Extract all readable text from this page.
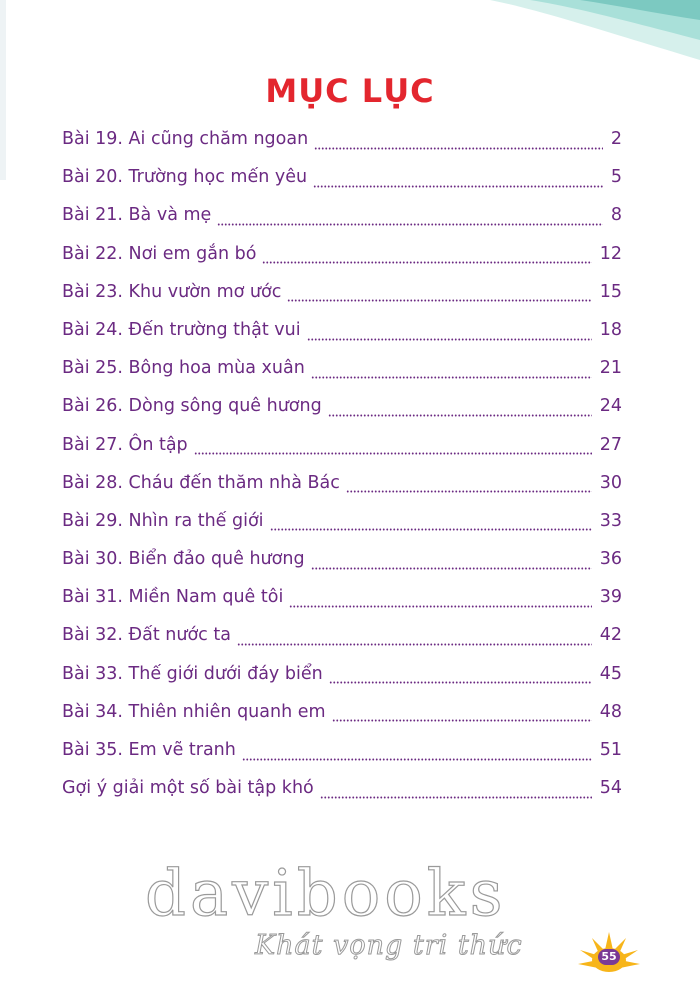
MỤC LỤC
Bài 19. Ai cũng chăm ngoan	2
Bài 20. Trường học mến yêu	5
Bài 21. Bà và mẹ	8
Bài 22. Nơi em gắn bó	12
Bài 23. Khu vườn mơ ước	15
Bài 24. Đến trường thật vui	18
Bài 25. Bông hoa mùa xuân	21
Bài 26. Dòng sông quê hương	24
Bài 27. Ôn tập	27
Bài 28. Cháu đến thăm nhà Bác	30
Bài 29. Nhìn ra thế giới	33
Bài 30. Biển đảo quê hương	36
Bài 31. Miền Nam quê tôi	39
Bài 32. Đất nước ta	42
Bài 33. Thế giới dưới đáy biển	45
Bài 34. Thiên nhiên quanh em	48
Bài 35. Em vẽ tranh	51
Gợi ý giải một số bài tập khó	54
davibooks
Khát vọng tri thức	55
